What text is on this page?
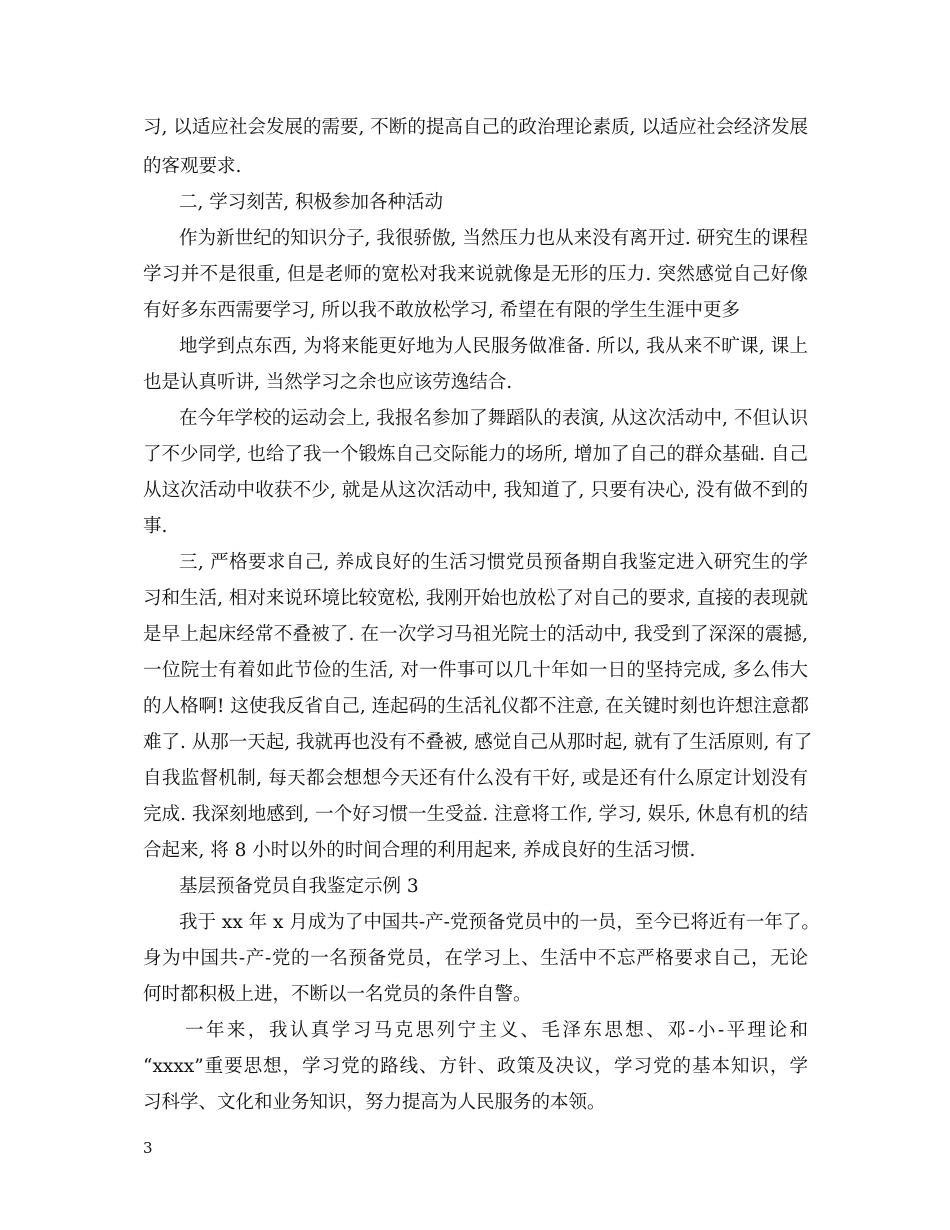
习, 以适应社会发展的需要, 不断的提高自己的政治理论素质, 以适应社会经济发展
的客观要求.
二, 学习刻苦, 积极参加各种活动
作为新世纪的知识分子, 我很骄傲, 当然压力也从来没有离开过. 研究生的课程
学习并不是很重, 但是老师的宽松对我来说就像是无形的压力. 突然感觉自己好像
有好多东西需要学习, 所以我不敢放松学习, 希望在有限的学生生涯中更多
地学到点东西, 为将来能更好地为人民服务做准备. 所以, 我从来不旷课, 课上
也是认真听讲, 当然学习之余也应该劳逸结合.
在今年学校的运动会上, 我报名参加了舞蹈队的表演, 从这次活动中, 不但认识
了不少同学, 也给了我一个锻炼自己交际能力的场所, 增加了自己的群众基础. 自己
从这次活动中收获不少, 就是从这次活动中, 我知道了, 只要有决心, 没有做不到的
事.
三, 严格要求自己, 养成良好的生活习惯党员预备期自我鉴定进入研究生的学
习和生活, 相对来说环境比较宽松, 我刚开始也放松了对自己的要求, 直接的表现就
是早上起床经常不叠被了. 在一次学习马祖光院士的活动中, 我受到了深深的震撼,
一位院士有着如此节俭的生活, 对一件事可以几十年如一日的坚持完成, 多么伟大
的人格啊! 这使我反省自己, 连起码的生活礼仪都不注意, 在关键时刻也许想注意都
难了. 从那一天起, 我就再也没有不叠被, 感觉自己从那时起, 就有了生活原则, 有了
自我监督机制, 每天都会想想今天还有什么没有干好, 或是还有什么原定计划没有
完成. 我深刻地感到, 一个好习惯一生受益. 注意将工作, 学习, 娱乐, 休息有机的结
合起来, 将 8 小时以外的时间合理的利用起来, 养成良好的生活习惯.
基层预备党员自我鉴定示例 3
我于 xx 年 x 月成为了中国共-产-党预备党员中的一员，至今已将近有一年了。
身为中国共-产-党的一名预备党员，在学习上、生活中不忘严格要求自己，无论
何时都积极上进，不断以一名党员的条件自警。
一年来，我认真学习马克思列宁主义、毛泽东思想、邓-小-平理论和
“xxxx”重要思想，学习党的路线、方针、政策及决议，学习党的基本知识，学
习科学、文化和业务知识，努力提高为人民服务的本领。
3
